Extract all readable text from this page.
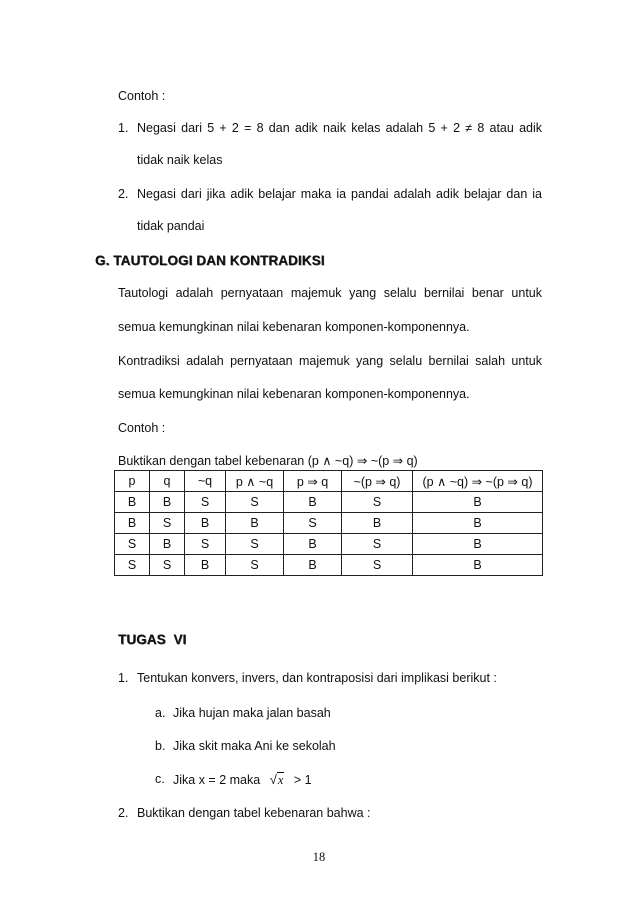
Contoh :
1. Negasi dari 5 + 2 = 8 dan adik naik kelas adalah 5 + 2 ≠ 8 atau adik
tidak naik kelas
2. Negasi dari jika adik belajar maka ia pandai adalah adik belajar dan ia
tidak pandai
G. TAUTOLOGI DAN KONTRADIKSI
Tautologi adalah pernyataan majemuk yang selalu bernilai benar untuk
semua kemungkinan nilai kebenaran komponen-komponennya.
Kontradiksi adalah pernyataan majemuk yang selalu bernilai salah untuk
semua kemungkinan nilai kebenaran komponen-komponennya.
Contoh :
Buktikan dengan tabel kebenaran (p ∧ ~q) ⇒ ~(p ⇒ q)
p	q	~q	p ∧ ~q	p ⇒ q	~(p ⇒ q)	(p ∧ ~q) ⇒ ~(p ⇒ q)
B	B	S	S	B	S	B
B	S	B	B	S	B	B
S	B	S	S	B	S	B
S	S	B	S	B	S	B
TUGAS  VI
1. Tentukan konvers, invers, dan kontraposisi dari implikasi berikut :
a. Jika hujan maka jalan basah
b. Jika skit maka Ani ke sekolah
c. Jika x = 2 maka √x > 1
2. Buktikan dengan tabel kebenaran bahwa :
18
